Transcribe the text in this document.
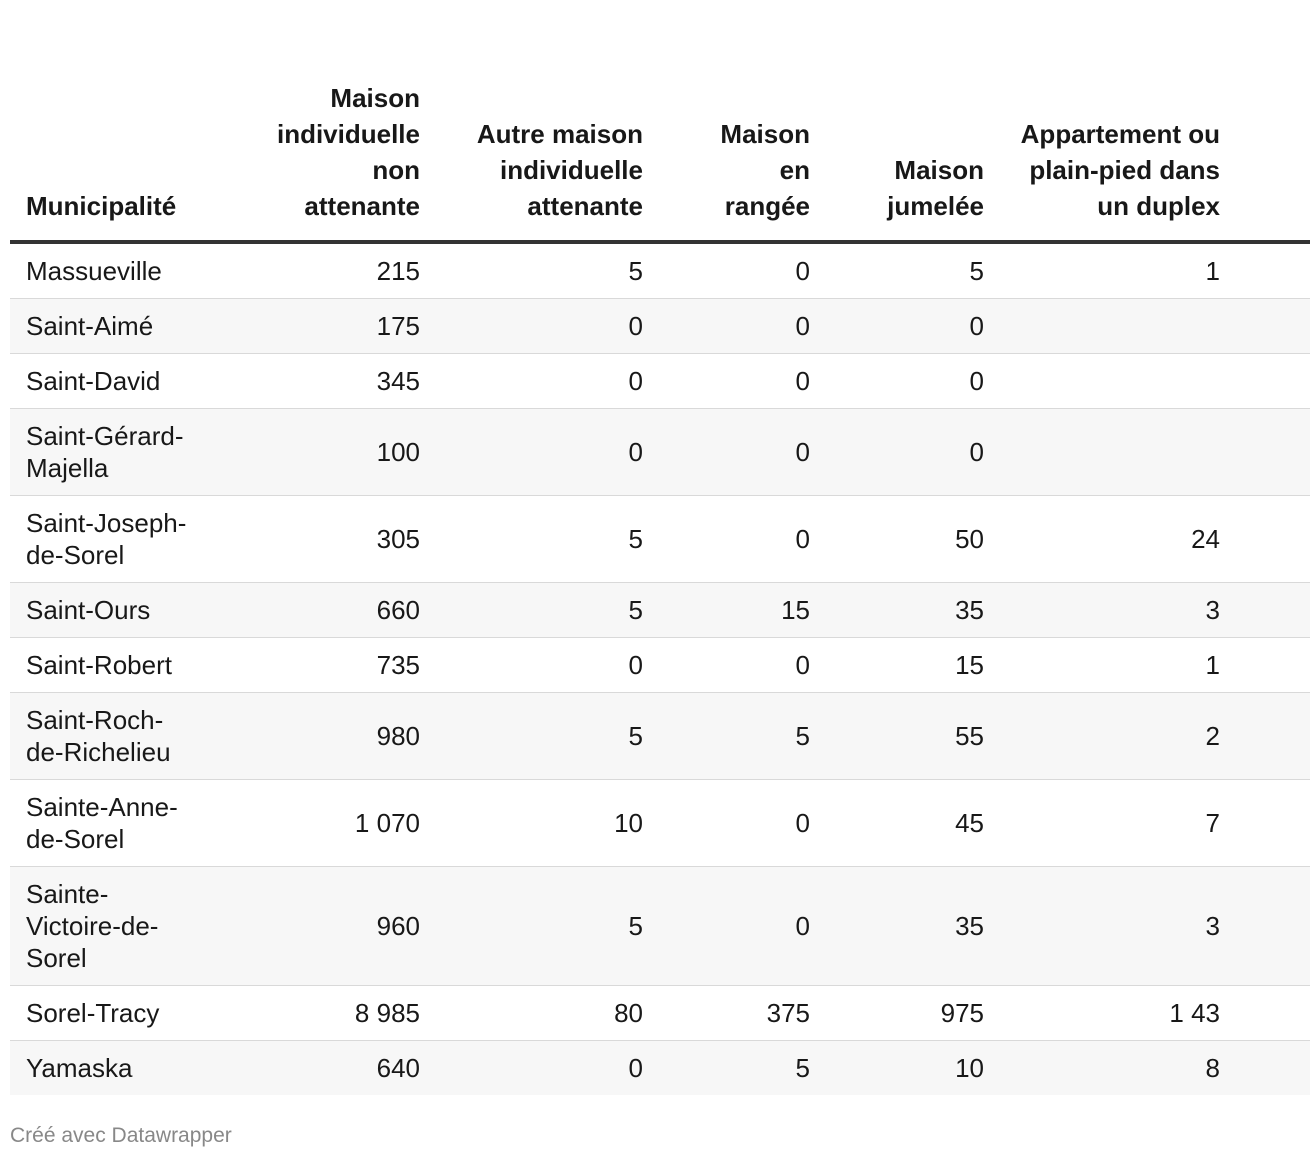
Municipalité	Maison individuelle non attenante	Autre maison individuelle attenante	Maison en rangée	Maison jumelée	Appartement ou plain-pied dans un duplex
Massueville	215	5	0	5	1
Saint-Aimé	175	0	0	0	
Saint-David	345	0	0	0	
Saint-Gérard-Majella	100	0	0	0	
Saint-Joseph-de-Sorel	305	5	0	50	24
Saint-Ours	660	5	15	35	3
Saint-Robert	735	0	0	15	1
Saint-Roch-de-Richelieu	980	5	5	55	2
Sainte-Anne-de-Sorel	1 070	10	0	45	7
Sainte-Victoire-de-Sorel	960	5	0	35	3
Sorel-Tracy	8 985	80	375	975	1 43
Yamaska	640	0	5	10	8
Créé avec Datawrapper
